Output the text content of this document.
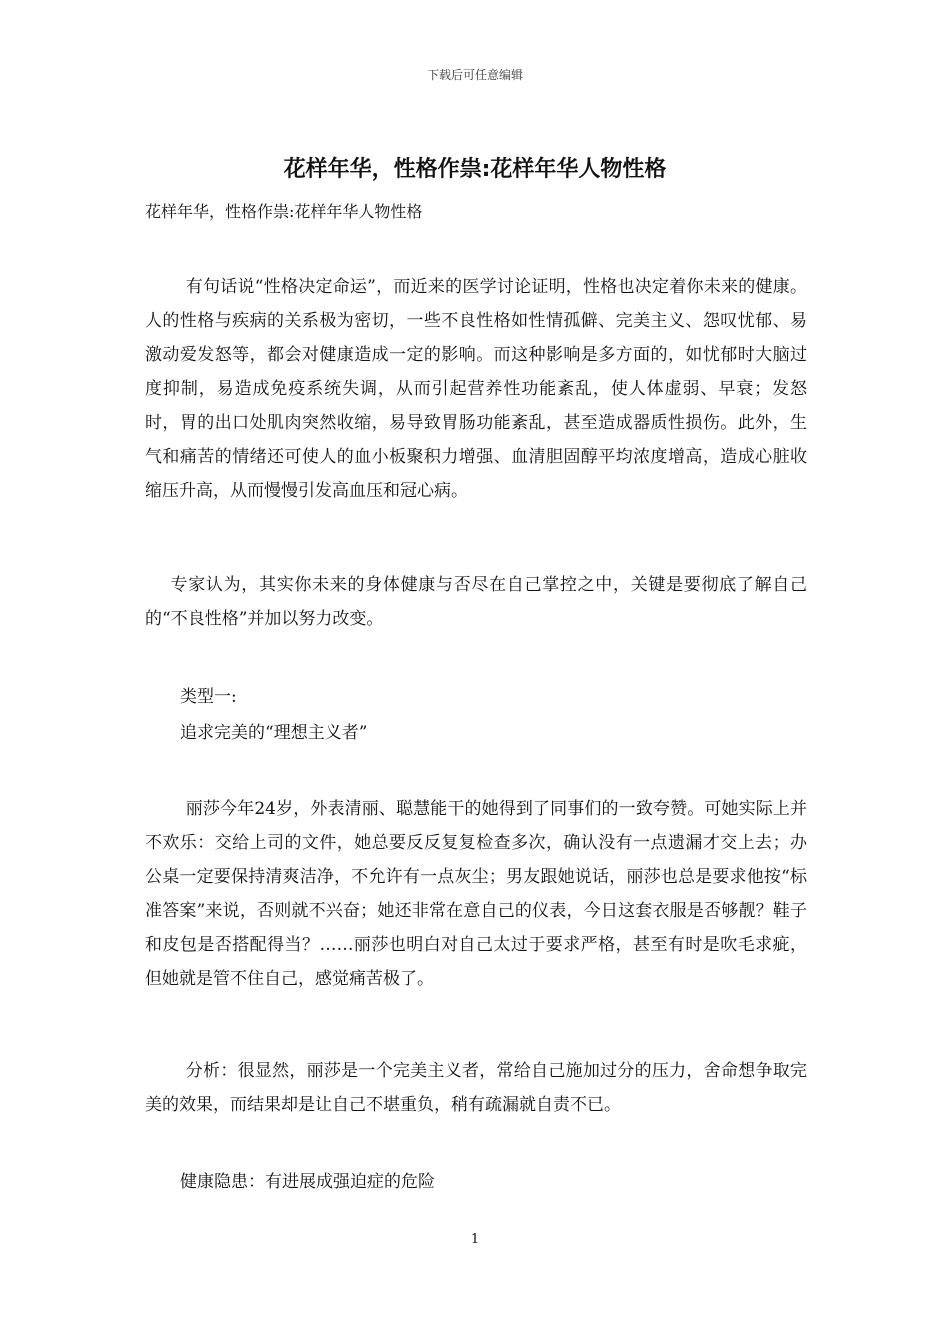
下载后可任意编辑
花样年华，性格作祟:花样年华人物性格

花样年华，性格作祟:花样年华人物性格

有句话说“性格决定命运”，而近来的医学讨论证明，性格也决定着你未来的健康。 人的性格与疾病的关系极为密切，一些不良性格如性情孤僻、完美主义、怨叹忧郁、易激动爱发怒等，都会对健康造成一定的影响。而这种影响是多方面的，如忧郁时大脑过度抑制，易造成免疫系统失调，从而引起营养性功能紊乱，使人体虚弱、早衰；发怒时，胃的出口处肌肉突然收缩，易导致胃肠功能紊乱，甚至造成器质性损伤。此外，生气和痛苦的情绪还可使人的血小板聚积力增强、血清胆固醇平均浓度增高，造成心脏收缩压升高，从而慢慢引发高血压和冠心病。

专家认为，其实你未来的身体健康与否尽在自己掌控之中，关键是要彻底了解自己的“不良性格”并加以努力改变。

类型一:

追求完美的“理想主义者”

丽莎今年24岁，外表清丽、聪慧能干的她得到了同事们的一致夸赞。可她实际上并不欢乐：交给上司的文件，她总要反反复复检查多次，确认没有一点遗漏才交上去；办公桌一定要保持清爽洁净，不允许有一点灰尘；男友跟她说话，丽莎也总是要求他按“标准答案”来说，否则就不兴奋；她还非常在意自己的仪表，今日这套衣服是否够靓？鞋子和皮包是否搭配得当？……丽莎也明白对自己太过于要求严格，甚至有时是吹毛求疵，但她就是管不住自己，感觉痛苦极了。

分析：很显然，丽莎是一个完美主义者，常给自己施加过分的压力，舍命想争取完美的效果，而结果却是让自己不堪重负，稍有疏漏就自责不已。

健康隐患：有进展成强迫症的危险

1
